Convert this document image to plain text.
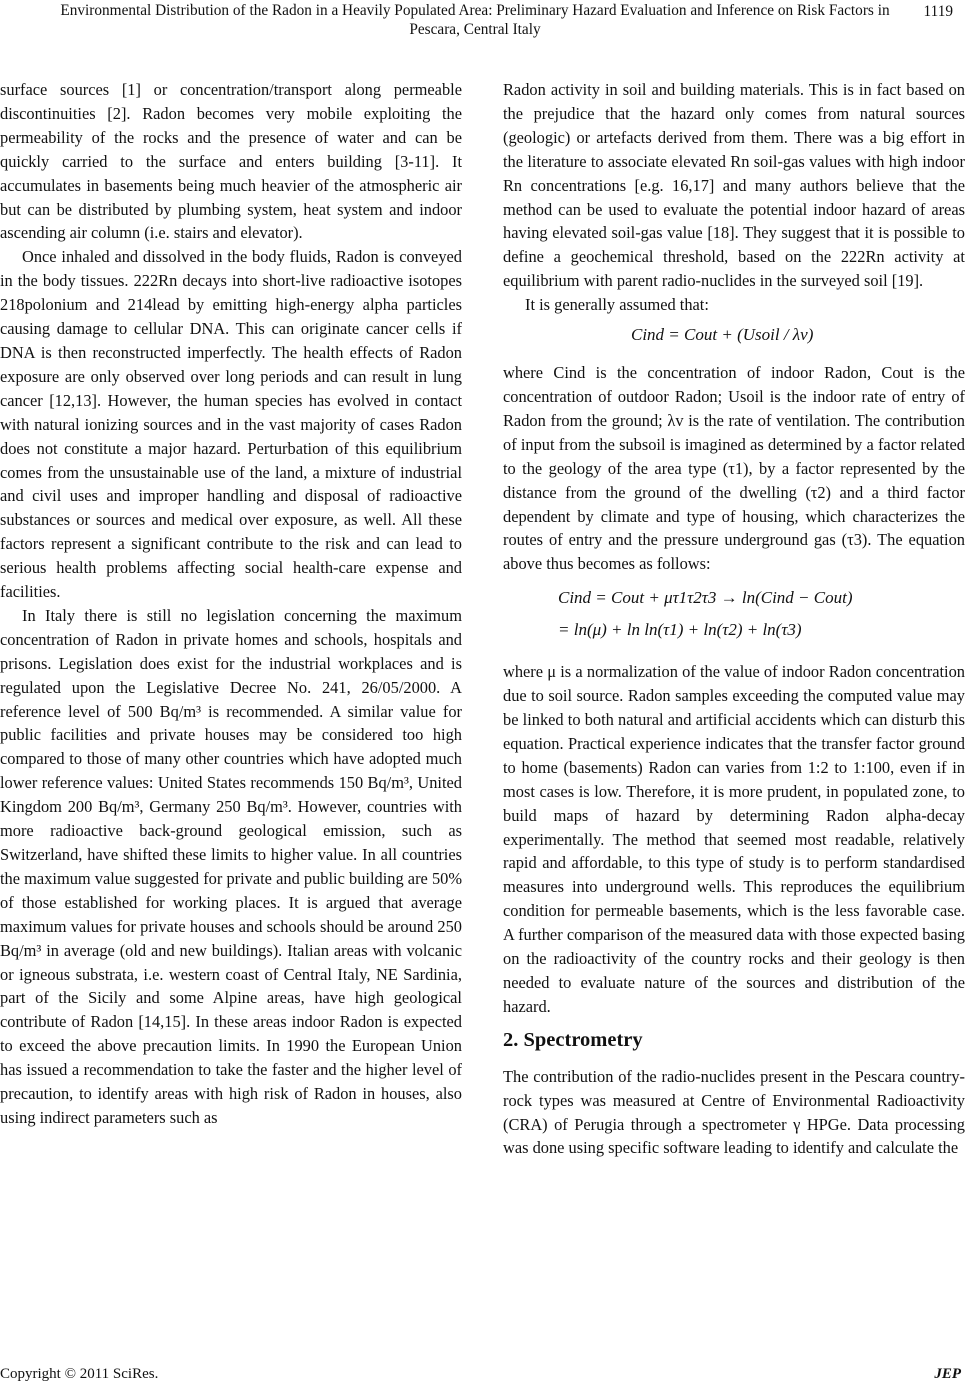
Environmental Distribution of the Radon in a Heavily Populated Area: Preliminary Hazard Evaluation and Inference on Risk Factors in Pescara, Central Italy
1119

surface sources [1] or concentration/transport along permeable discontinuities [2]. Radon becomes very mobile exploiting the permeability of the rocks and the presence of water and can be quickly carried to the surface and enters building [3-11]. It accumulates in basements being much heavier of the atmospheric air but can be distributed by plumbing system, heat system and indoor ascending air column (i.e. stairs and elevator).

Once inhaled and dissolved in the body fluids, Radon is conveyed in the body tissues. 222Rn decays into short-live radioactive isotopes 218polonium and 214lead by emitting high-energy alpha particles causing damage to cellular DNA. This can originate cancer cells if DNA is then reconstructed imperfectly. The health effects of Radon exposure are only observed over long periods and can result in lung cancer [12,13]. However, the human species has evolved in contact with natural ionizing sources and in the vast majority of cases Radon does not constitute a major hazard. Perturbation of this equilibrium comes from the unsustainable use of the land, a mixture of industrial and civil uses and improper handling and disposal of radioactive substances or sources and medical over exposure, as well. All these factors represent a significant contribute to the risk and can lead to serious health problems affecting social health-care expense and facilities.

In Italy there is still no legislation concerning the maximum concentration of Radon in private homes and schools, hospitals and prisons. Legislation does exist for the industrial workplaces and is regulated upon the Legislative Decree No. 241, 26/05/2000. A reference level of 500 Bq/m³ is recommended. A similar value for public facilities and private houses may be considered too high compared to those of many other countries which have adopted much lower reference values: United States recommends 150 Bq/m³, United Kingdom 200 Bq/m³, Germany 250 Bq/m³. However, countries with more radioactive back-ground geological emission, such as Switzerland, have shifted these limits to higher value. In all countries the maximum value suggested for private and public building are 50% of those established for working places. It is argued that average maximum values for private houses and schools should be around 250 Bq/m³ in average (old and new buildings). Italian areas with volcanic or igneous substrata, i.e. western coast of Central Italy, NE Sardinia, part of the Sicily and some Alpine areas, have high geological contribute of Radon [14,15]. In these areas indoor Radon is expected to exceed the above precaution limits. In 1990 the European Union has issued a recommendation to take the faster and the higher level of precaution, to identify areas with high risk of Radon in houses, also using indirect parameters such as

Radon activity in soil and building materials. This is in fact based on the prejudice that the hazard only comes from natural sources (geologic) or artefacts derived from them. There was a big effort in the literature to associate elevated Rn soil-gas values with high indoor Rn concentrations [e.g. 16,17] and many authors believe that the method can be used to evaluate the potential indoor hazard of areas having elevated soil-gas value [18]. They suggest that it is possible to define a geochemical threshold, based on the 222Rn activity at equilibrium with parent radio-nuclides in the surveyed soil [19].

It is generally assumed that:

Cind = Cout + (Usoil / λv)

where Cind is the concentration of indoor Radon, Cout is the concentration of outdoor Radon; Usoil is the indoor rate of entry of Radon from the ground; λv is the rate of ventilation. The contribution of input from the subsoil is imagined as determined by a factor related to the geology of the area type (τ1), by a factor represented by the distance from the ground of the dwelling (τ2) and a third factor dependent by climate and type of housing, which characterizes the routes of entry and the pressure underground gas (τ3). The equation above thus becomes as follows:

Cind = Cout + μτ1τ2τ3 → ln(Cind − Cout)
= ln(μ) + ln ln(τ1) + ln(τ2) + ln(τ3)

where μ is a normalization of the value of indoor Radon concentration due to soil source. Radon samples exceeding the computed value may be linked to both natural and artificial accidents which can disturb this equation. Practical experience indicates that the transfer factor ground to home (basements) Radon can varies from 1:2 to 1:100, even if in most cases is low. Therefore, it is more prudent, in populated zone, to build maps of hazard by determining Radon alpha-decay experimentally. The method that seemed most readable, relatively rapid and affordable, to this type of study is to perform standardised measures into underground wells. This reproduces the equilibrium condition for permeable basements, which is the less favorable case. A further comparison of the measured data with those expected basing on the radioactivity of the country rocks and their geology is then needed to evaluate nature of the sources and distribution of the hazard.

2. Spectrometry

The contribution of the radio-nuclides present in the Pescara country-rock types was measured at Centre of Environmental Radioactivity (CRA) of Perugia through a spectrometer γ HPGe. Data processing was done using specific software leading to identify and calculate the

Copyright © 2011 SciRes.	JEP
